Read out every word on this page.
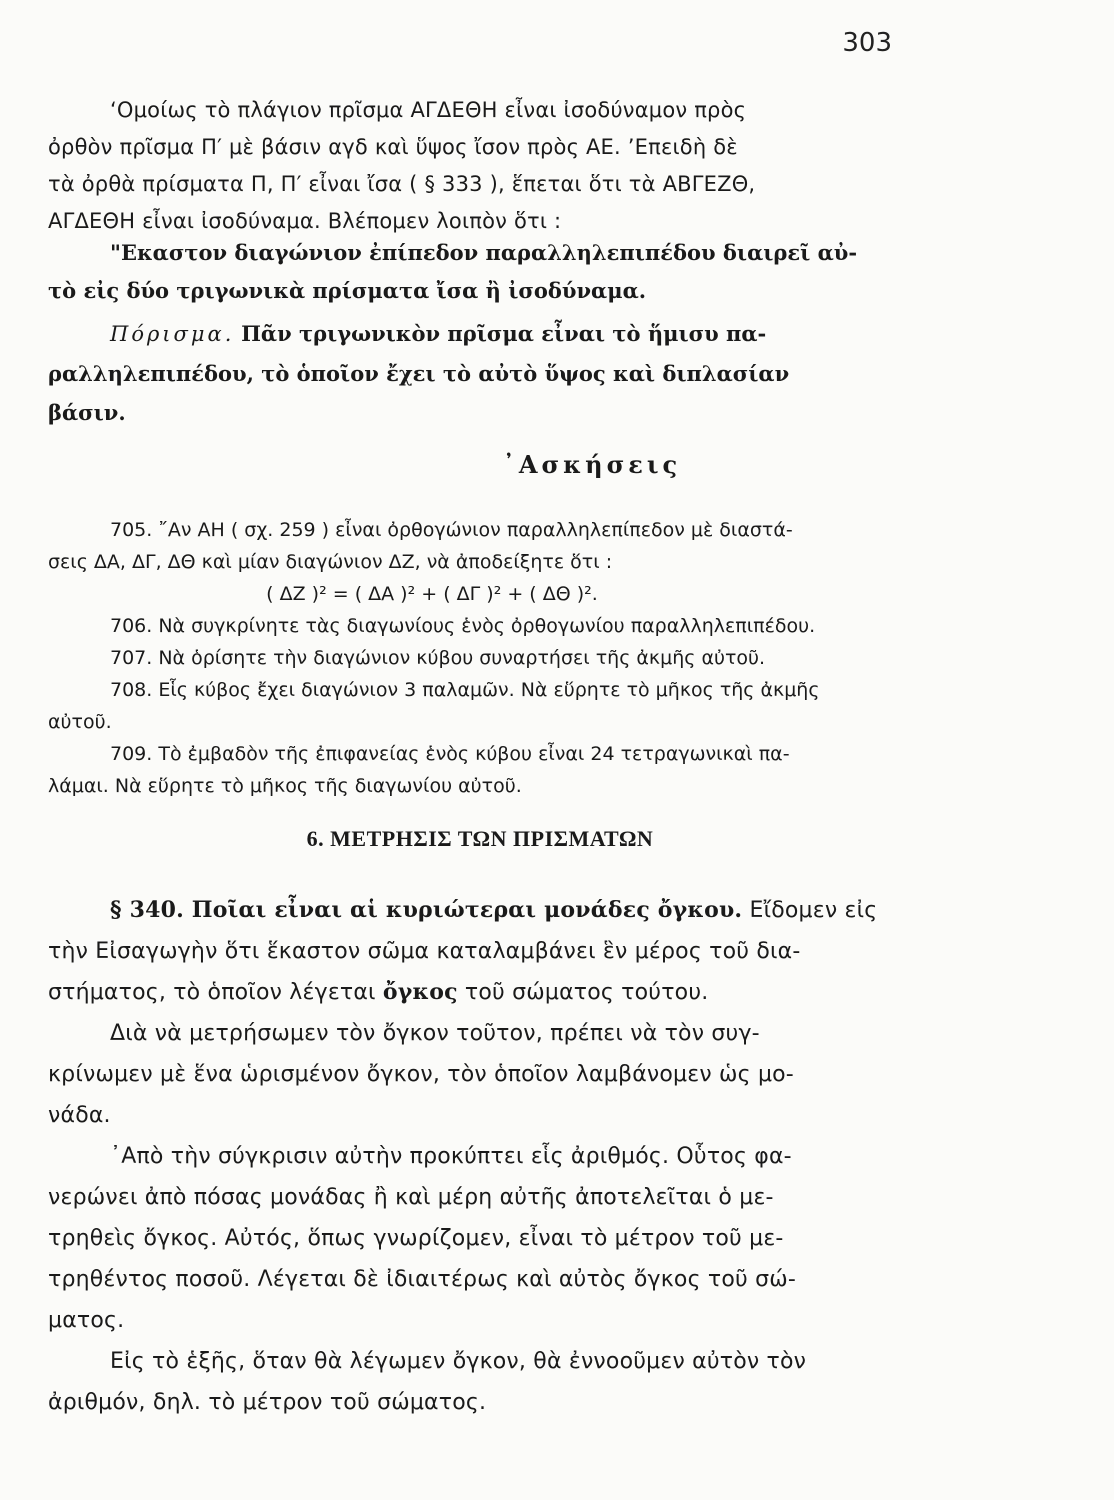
303
‘Ομοίως τὸ πλάγιον πρῖσμα ΑΓΔΕΘΗ εἶναι ἰσοδύναμον πρὸς
ὀρθὸν πρῖσμα Π′ μὲ βάσιν αγδ καὶ ὕψος ἴσον πρὸς ΑΕ. ’Επειδὴ δὲ
τὰ ὀρθὰ πρίσματα Π, Π′ εἶναι ἴσα ( § 333 ), ἕπεται ὅτι τὰ ΑΒΓΕΖΘ,
ΑΓΔΕΘΗ εἶναι ἰσοδύναμα. Βλέπομεν λοιπὸν ὅτι :
"Εκαστον διαγώνιον ἐπίπεδον παραλληλεπιπέδου διαιρεῖ αὐ-
τὸ εἰς δύο τριγωνικὰ πρίσματα ἴσα ἢ ἰσοδύναμα.
Πόρισμα. Πᾶν τριγωνικὸν πρῖσμα εἶναι τὸ ἥμισυ πα-
ραλληλεπιπέδου, τὸ ὁποῖον ἔχει τὸ αὐτὸ ὕψος καὶ διπλασίαν
βάσιν.
᾿Ασκήσεις
705. ῎Αν ΑΗ ( σχ. 259 ) εἶναι ὀρθογώνιον παραλληλεπίπεδον μὲ διαστά-
σεις ΔΑ, ΔΓ, ΔΘ καὶ μίαν διαγώνιον ΔΖ, νὰ ἀποδείξητε ὅτι :
( ΔΖ )² = ( ΔΑ )² + ( ΔΓ )² + ( ΔΘ )².
706. Νὰ συγκρίνητε τὰς διαγωνίους ἑνὸς ὀρθογωνίου παραλληλεπιπέδου.
707. Νὰ ὁρίσητε τὴν διαγώνιον κύβου συναρτήσει τῆς ἀκμῆς αὐτοῦ.
708. Εἷς κύβος ἔχει διαγώνιον 3 παλαμῶν. Νὰ εὕρητε τὸ μῆκος τῆς ἀκμῆς
αὐτοῦ.
709. Τὸ ἐμβαδὸν τῆς ἐπιφανείας ἑνὸς κύβου εἶναι 24 τετραγωνικαὶ πα-
λάμαι. Νὰ εὕρητε τὸ μῆκος τῆς διαγωνίου αὐτοῦ.
6. ΜΕΤΡΗΣΙΣ ΤΩΝ ΠΡΙΣΜΑΤΩΝ
§ 340. Ποῖαι εἶναι αἱ κυριώτεραι μονάδες ὄγκου. Εἴδομεν εἰς
τὴν Εἰσαγωγὴν ὅτι ἕκαστον σῶμα καταλαμβάνει ἓν μέρος τοῦ δια-
στήματος, τὸ ὁποῖον λέγεται ὄγκος τοῦ σώματος τούτου.
Διὰ νὰ μετρήσωμεν τὸν ὄγκον τοῦτον, πρέπει νὰ τὸν συγ-
κρίνωμεν μὲ ἕνα ὡρισμένον ὄγκον, τὸν ὁποῖον λαμβάνομεν ὡς μο-
νάδα.
᾿Απὸ τὴν σύγκρισιν αὐτὴν προκύπτει εἷς ἀριθμός. Οὗτος φα-
νερώνει ἀπὸ πόσας μονάδας ἢ καὶ μέρη αὐτῆς ἀποτελεῖται ὁ με-
τρηθεὶς ὄγκος. Αὐτός, ὅπως γνωρίζομεν, εἶναι τὸ μέτρον τοῦ με-
τρηθέντος ποσοῦ. Λέγεται δὲ ἰδιαιτέρως καὶ αὐτὸς ὄγκος τοῦ σώ-
ματος.
Εἰς τὸ ἑξῆς, ὅταν θὰ λέγωμεν ὄγκον, θὰ ἐννοοῦμεν αὐτὸν τὸν
ἀριθμόν, δηλ. τὸ μέτρον τοῦ σώματος.
